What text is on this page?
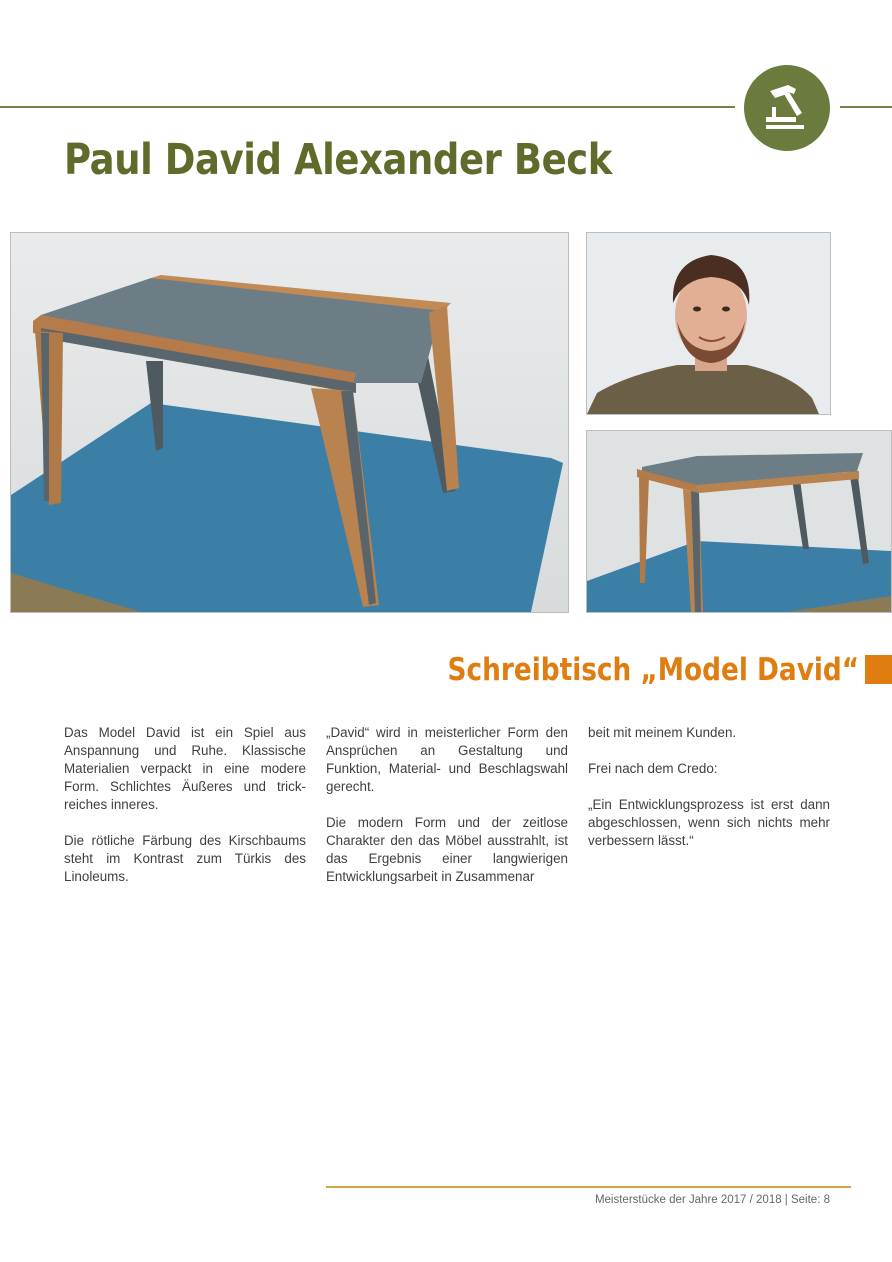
Paul David Alexander Beck
Schreibtisch „Model David“

Das Model David ist ein Spiel aus Anspannung und Ruhe. Klassische Materialien verpackt in eine modere Form. Schlichtes Äußeres und trickreiches inneres.

Die rötliche Färbung des Kirschbaums steht im Kontrast zum Türkis des Linoleums.

„David“ wird in meisterlicher Form den Ansprüchen an Gestaltung und Funktion, Material- und Beschlagswahl gerecht.

Die modern Form und der zeitlose Charakter den das Möbel ausstrahlt, ist das Ergebnis einer langwierigen Entwicklungsarbeit in Zusammenar

beit mit meinem Kunden.

Frei nach dem Credo:

„Ein Entwicklungsprozess ist erst dann abgeschlossen, wenn sich nichts mehr verbessern lässt.“

Meisterstücke der Jahre 2017 / 2018 | Seite: 8
